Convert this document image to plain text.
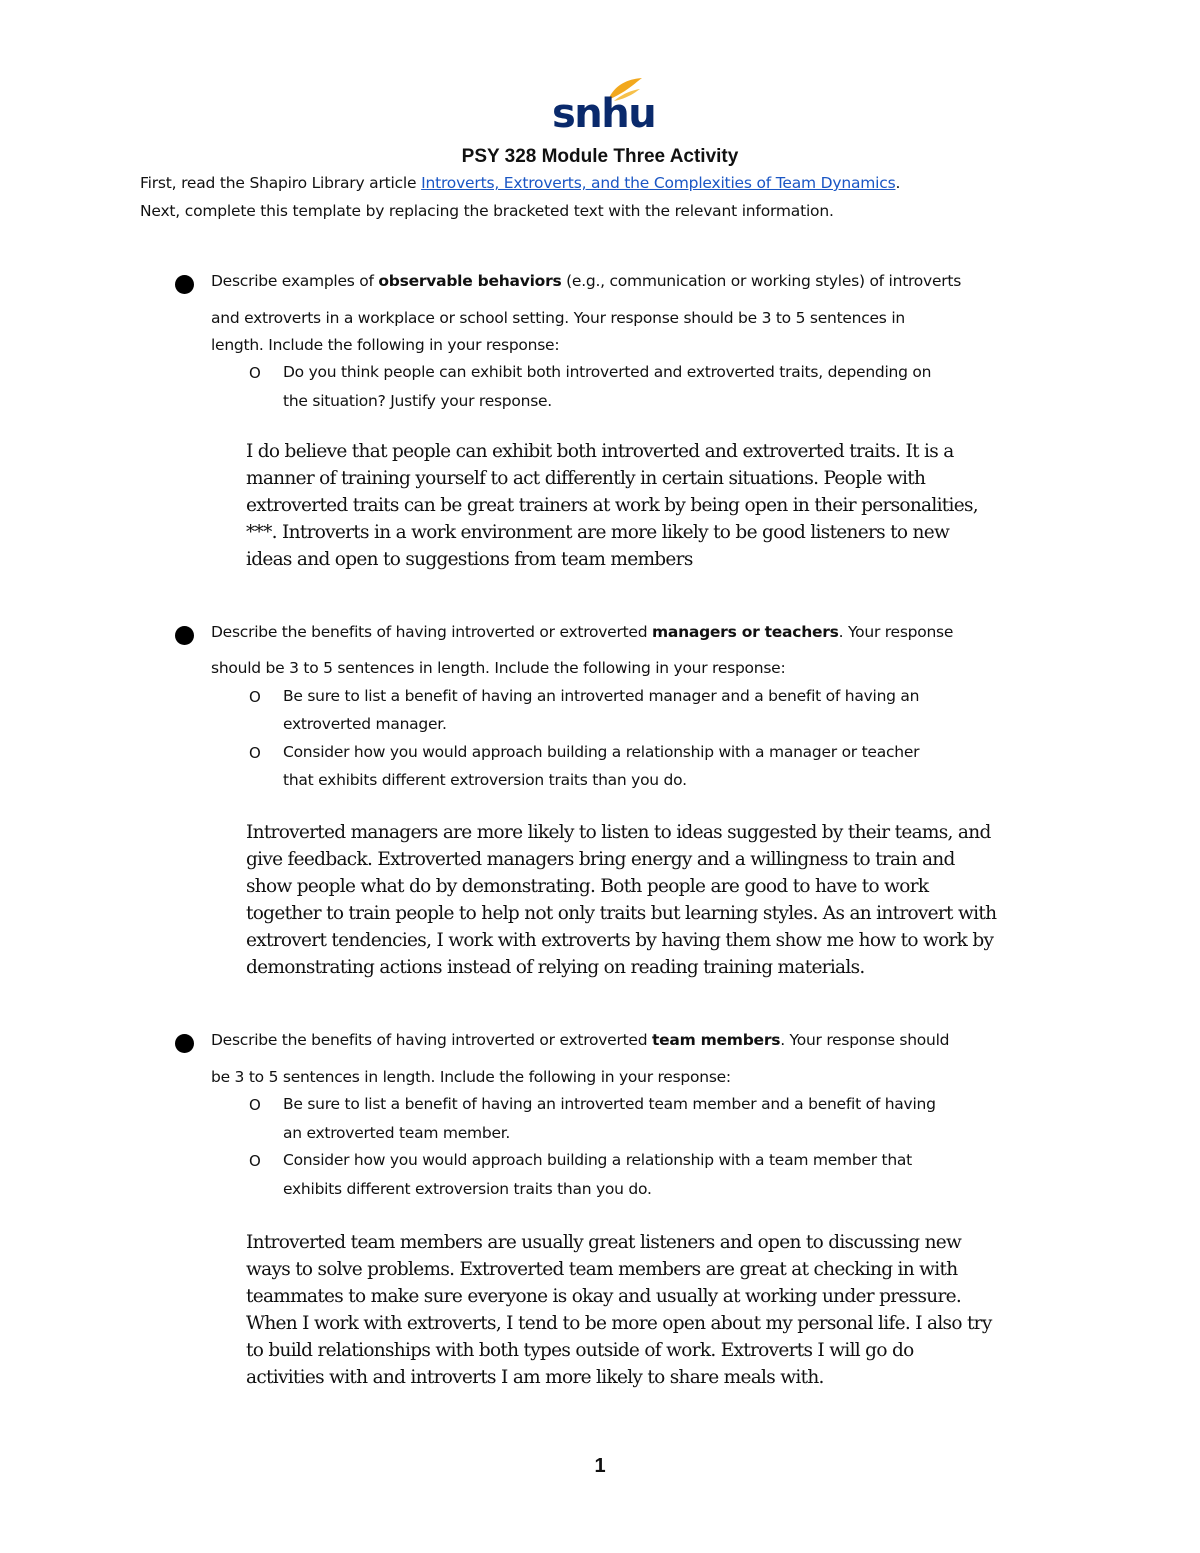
snhu
PSY 328 Module Three Activity
First, read the Shapiro Library article Introverts, Extroverts, and the Complexities of Team Dynamics.
Next, complete this template by replacing the bracketed text with the relevant information.
Describe examples of observable behaviors (e.g., communication or working styles) of introverts
and extroverts in a workplace or school setting. Your response should be 3 to 5 sentences in
length. Include the following in your response:
O Do you think people can exhibit both introverted and extroverted traits, depending on
the situation? Justify your response.
I do believe that people can exhibit both introverted and extroverted traits. It is a
manner of training yourself to act differently in certain situations. People with
extroverted traits can be great trainers at work by being open in their personalities,
***. Introverts in a work environment are more likely to be good listeners to new
ideas and open to suggestions from team members
Describe the benefits of having introverted or extroverted managers or teachers. Your response
should be 3 to 5 sentences in length. Include the following in your response:
O Be sure to list a benefit of having an introverted manager and a benefit of having an
extroverted manager.
O Consider how you would approach building a relationship with a manager or teacher
that exhibits different extroversion traits than you do.
Introverted managers are more likely to listen to ideas suggested by their teams, and
give feedback. Extroverted managers bring energy and a willingness to train and
show people what do by demonstrating. Both people are good to have to work
together to train people to help not only traits but learning styles. As an introvert with
extrovert tendencies, I work with extroverts by having them show me how to work by
demonstrating actions instead of relying on reading training materials.
Describe the benefits of having introverted or extroverted team members. Your response should
be 3 to 5 sentences in length. Include the following in your response:
O Be sure to list a benefit of having an introverted team member and a benefit of having
an extroverted team member.
O Consider how you would approach building a relationship with a team member that
exhibits different extroversion traits than you do.
Introverted team members are usually great listeners and open to discussing new
ways to solve problems. Extroverted team members are great at checking in with
teammates to make sure everyone is okay and usually at working under pressure.
When I work with extroverts, I tend to be more open about my personal life. I also try
to build relationships with both types outside of work. Extroverts I will go do
activities with and introverts I am more likely to share meals with.
1
